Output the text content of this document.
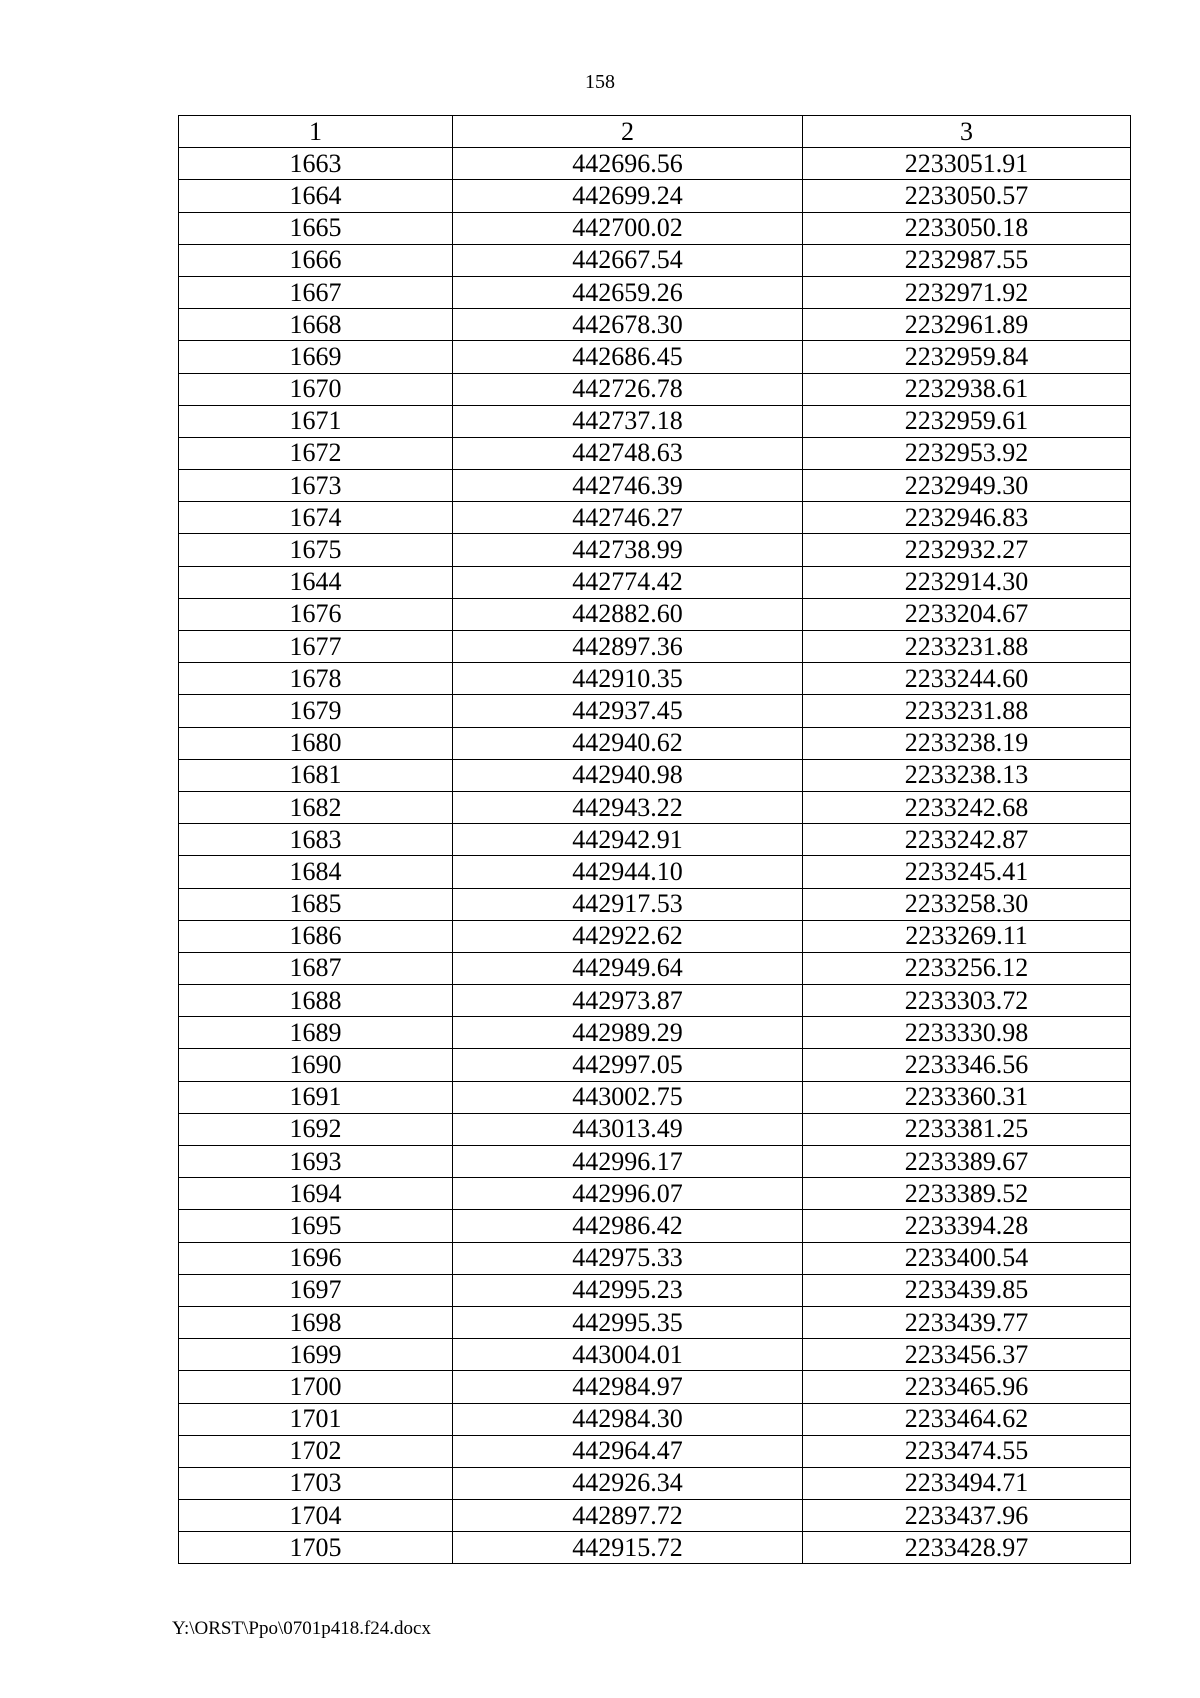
158
1	2	3
1663	442696.56	2233051.91
1664	442699.24	2233050.57
1665	442700.02	2233050.18
1666	442667.54	2232987.55
1667	442659.26	2232971.92
1668	442678.30	2232961.89
1669	442686.45	2232959.84
1670	442726.78	2232938.61
1671	442737.18	2232959.61
1672	442748.63	2232953.92
1673	442746.39	2232949.30
1674	442746.27	2232946.83
1675	442738.99	2232932.27
1644	442774.42	2232914.30
1676	442882.60	2233204.67
1677	442897.36	2233231.88
1678	442910.35	2233244.60
1679	442937.45	2233231.88
1680	442940.62	2233238.19
1681	442940.98	2233238.13
1682	442943.22	2233242.68
1683	442942.91	2233242.87
1684	442944.10	2233245.41
1685	442917.53	2233258.30
1686	442922.62	2233269.11
1687	442949.64	2233256.12
1688	442973.87	2233303.72
1689	442989.29	2233330.98
1690	442997.05	2233346.56
1691	443002.75	2233360.31
1692	443013.49	2233381.25
1693	442996.17	2233389.67
1694	442996.07	2233389.52
1695	442986.42	2233394.28
1696	442975.33	2233400.54
1697	442995.23	2233439.85
1698	442995.35	2233439.77
1699	443004.01	2233456.37
1700	442984.97	2233465.96
1701	442984.30	2233464.62
1702	442964.47	2233474.55
1703	442926.34	2233494.71
1704	442897.72	2233437.96
1705	442915.72	2233428.97
Y:\ORST\Ppo\0701p418.f24.docx
